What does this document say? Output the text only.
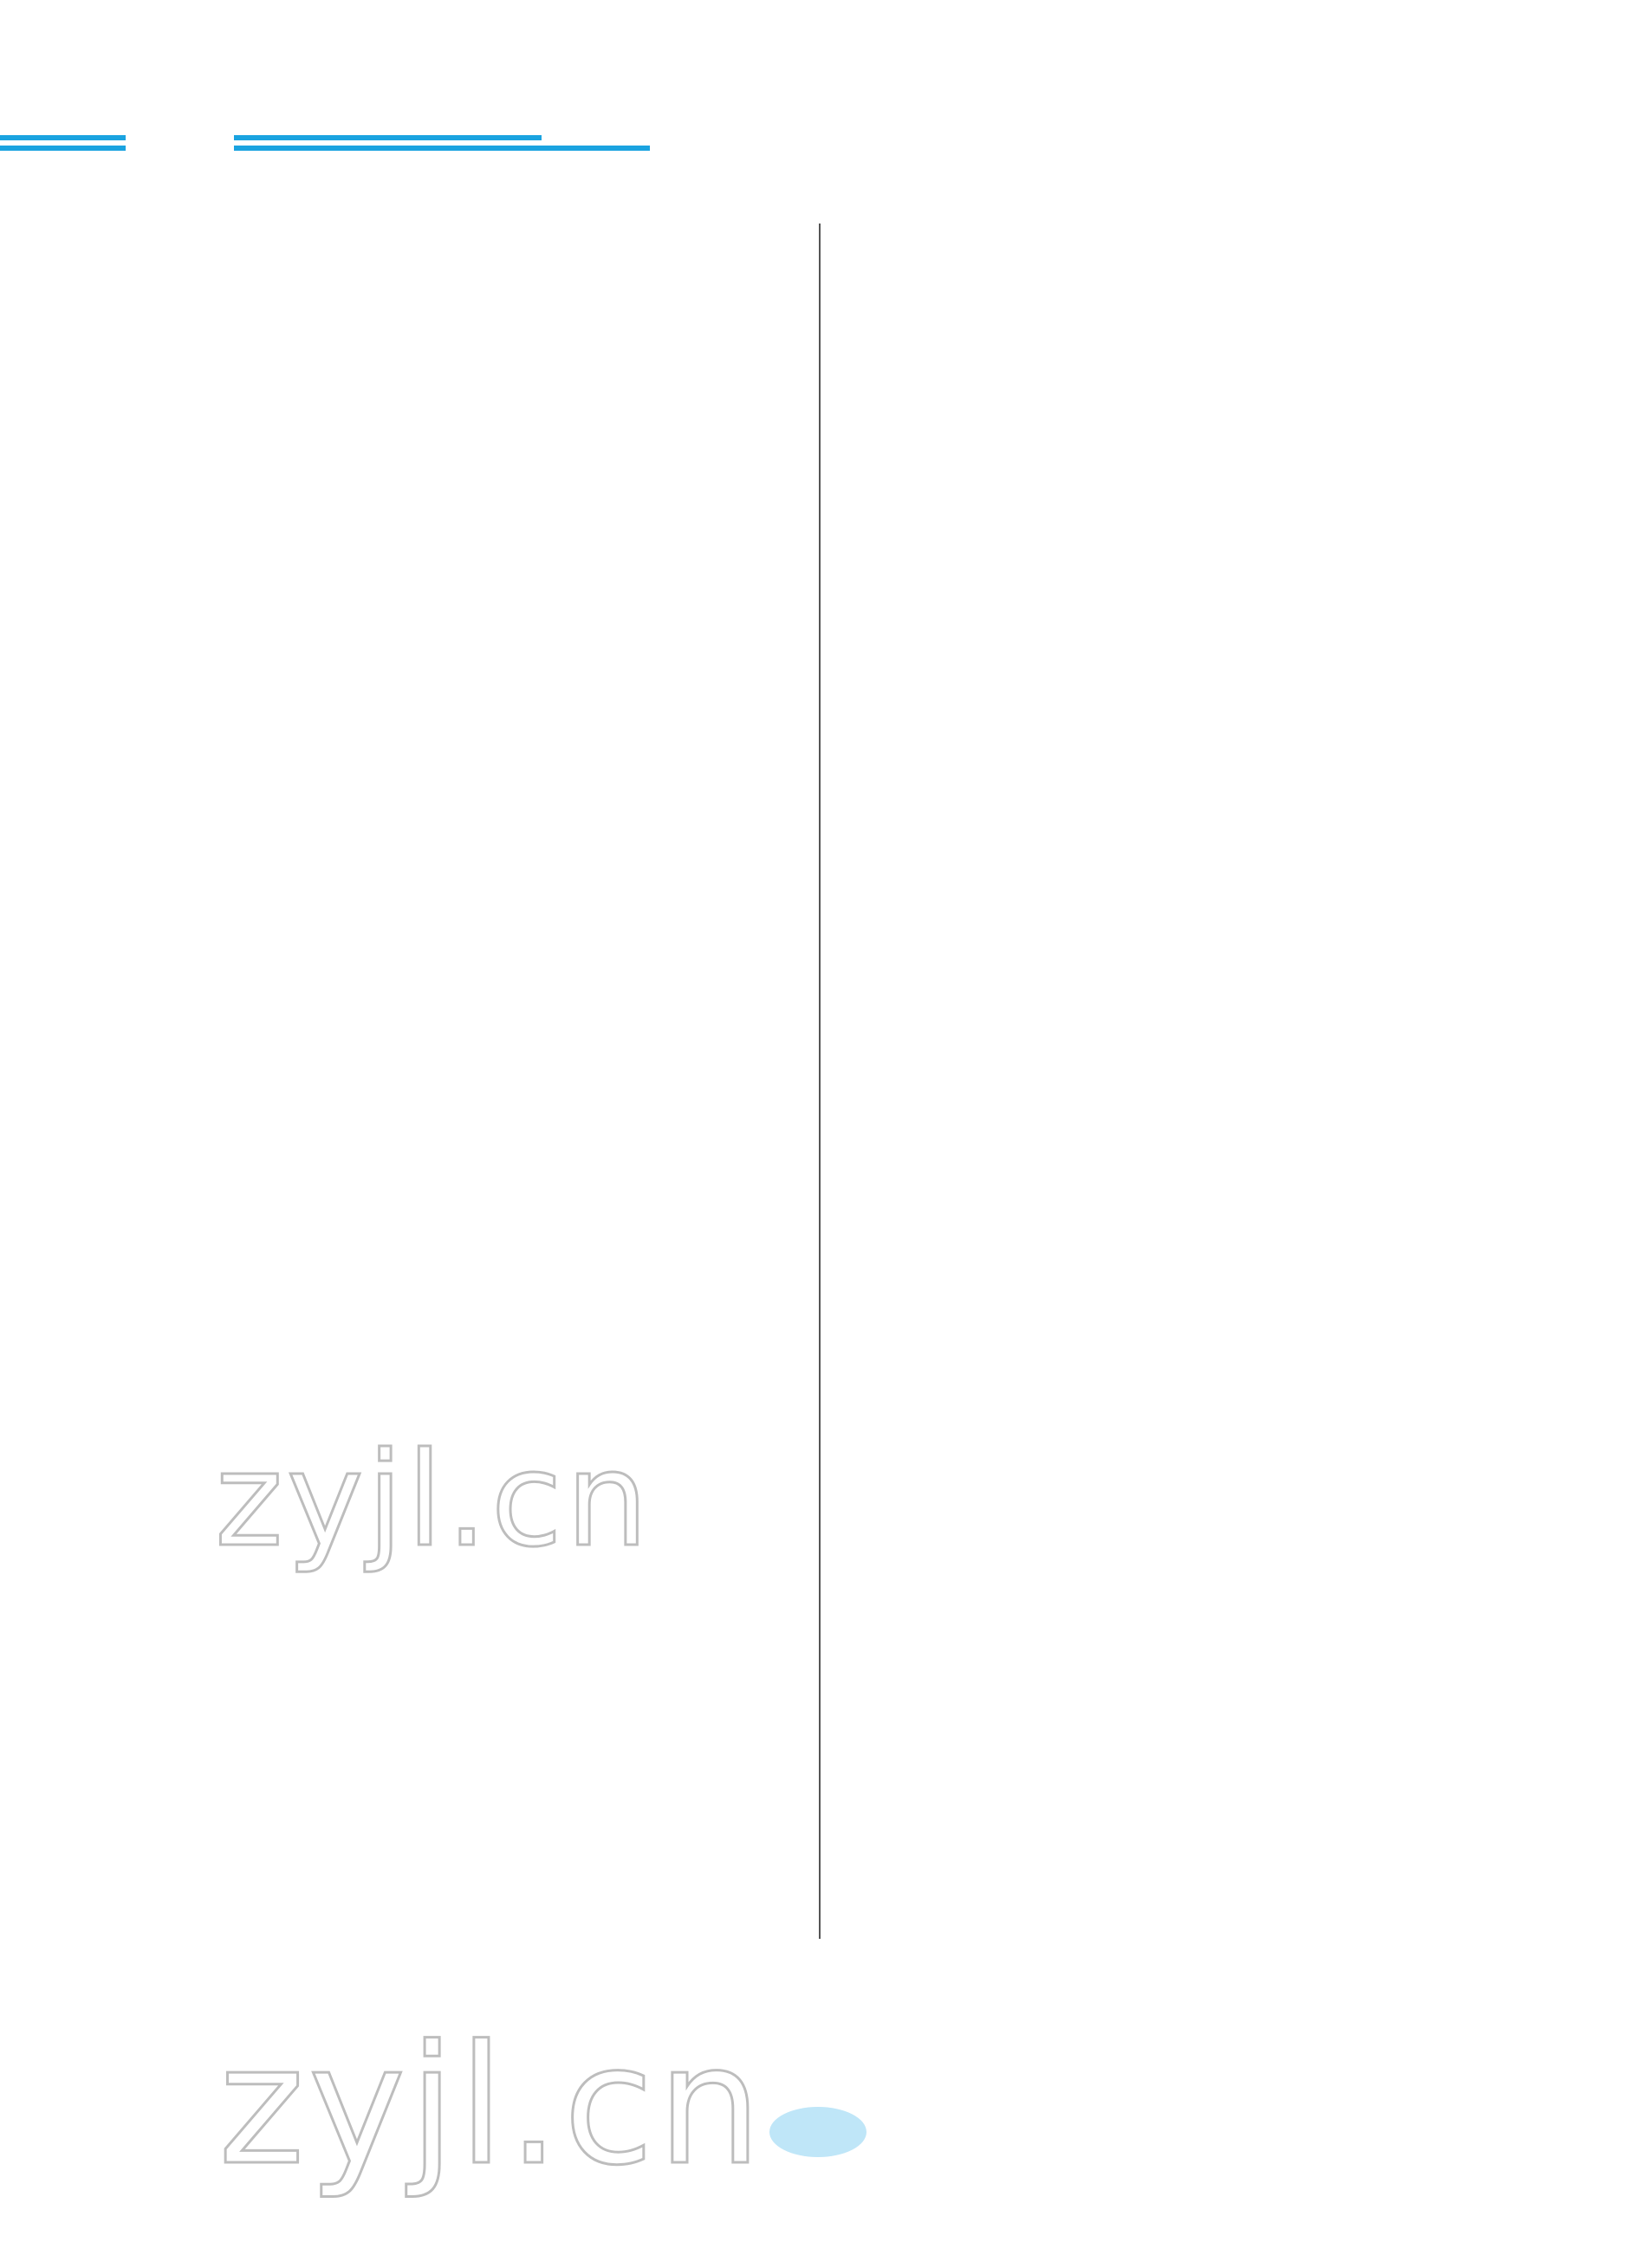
zyjl.cn
zyjl.cn
